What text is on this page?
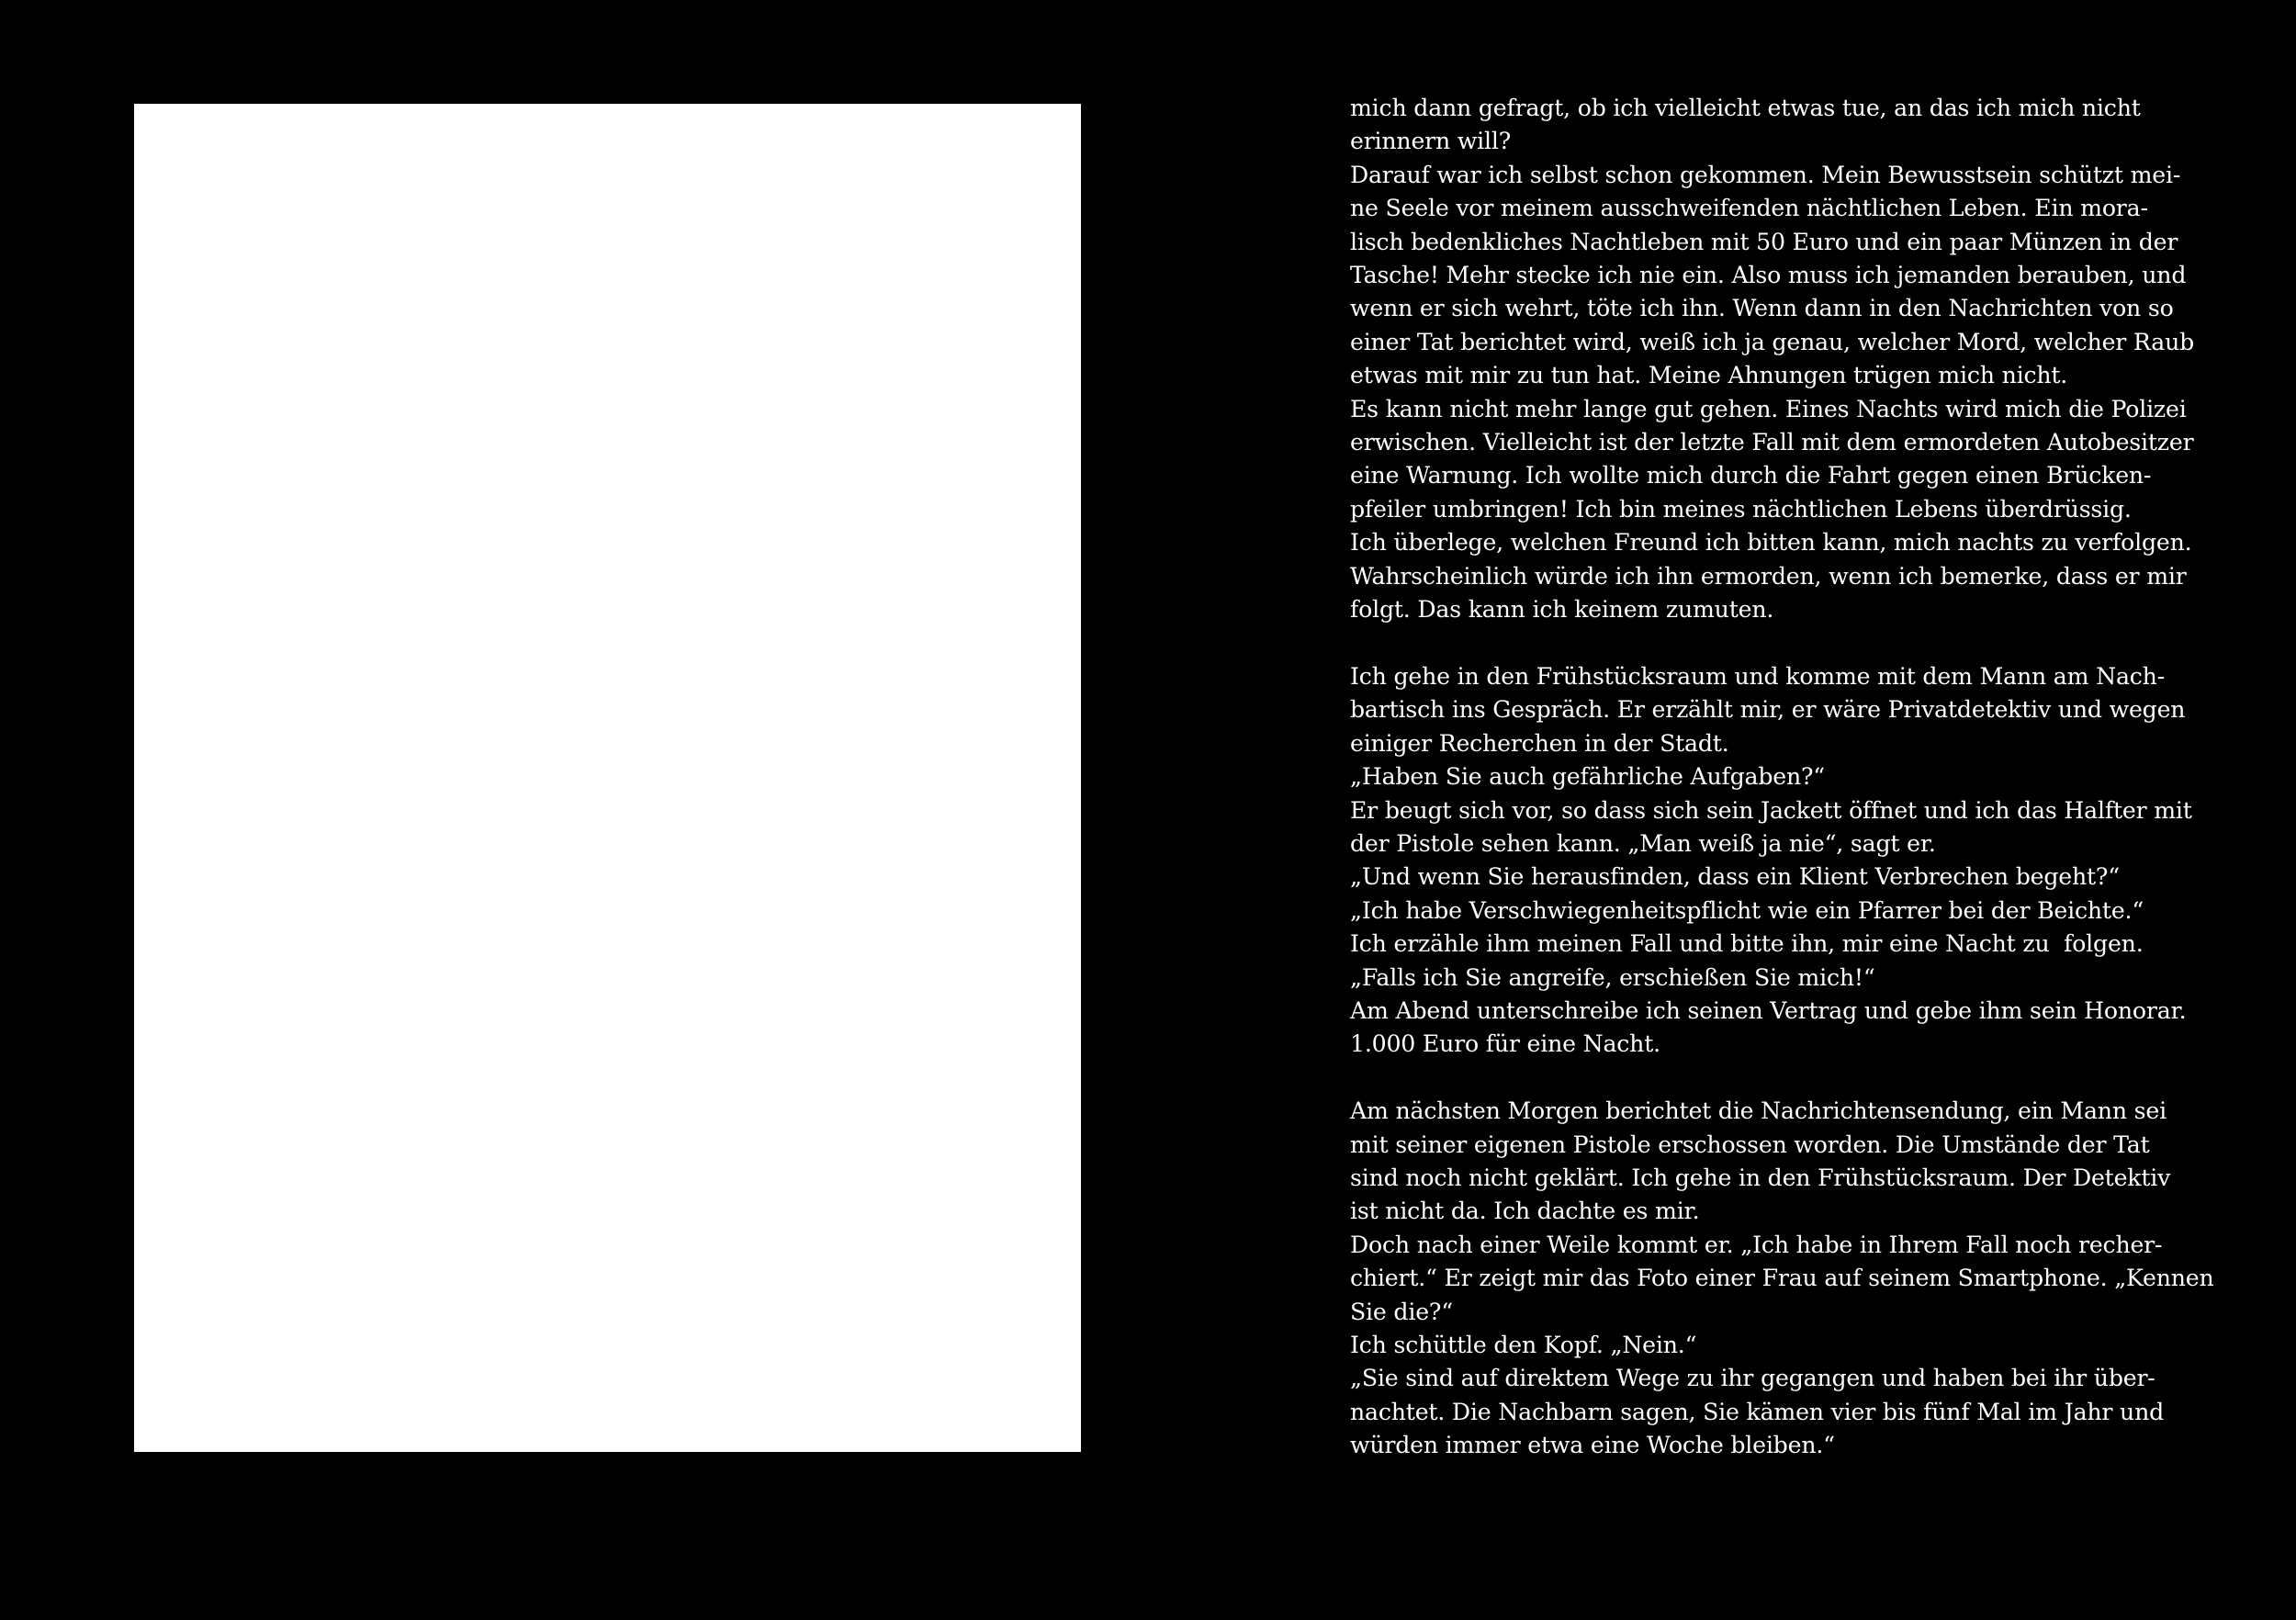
mich dann gefragt, ob ich vielleicht etwas tue, an das ich mich nicht
erinnern will?
Darauf war ich selbst schon gekommen. Mein Bewusstsein schützt mei-
ne Seele vor meinem ausschweifenden nächtlichen Leben. Ein mora-
lisch bedenkliches Nachtleben mit 50 Euro und ein paar Münzen in der
Tasche! Mehr stecke ich nie ein. Also muss ich jemanden berauben, und
wenn er sich wehrt, töte ich ihn. Wenn dann in den Nachrichten von so
einer Tat berichtet wird, weiß ich ja genau, welcher Mord, welcher Raub
etwas mit mir zu tun hat. Meine Ahnungen trügen mich nicht.
Es kann nicht mehr lange gut gehen. Eines Nachts wird mich die Polizei
erwischen. Vielleicht ist der letzte Fall mit dem ermordeten Autobesitzer
eine Warnung. Ich wollte mich durch die Fahrt gegen einen Brücken-
pfeiler umbringen! Ich bin meines nächtlichen Lebens überdrüssig.
Ich überlege, welchen Freund ich bitten kann, mich nachts zu verfolgen.
Wahrscheinlich würde ich ihn ermorden, wenn ich bemerke, dass er mir
folgt. Das kann ich keinem zumuten.
Ich gehe in den Frühstücksraum und komme mit dem Mann am Nach-
bartisch ins Gespräch. Er erzählt mir, er wäre Privatdetektiv und wegen
einiger Recherchen in der Stadt.
„Haben Sie auch gefährliche Aufgaben?“
Er beugt sich vor, so dass sich sein Jackett öffnet und ich das Halfter mit
der Pistole sehen kann. „Man weiß ja nie“, sagt er.
„Und wenn Sie herausfinden, dass ein Klient Verbrechen begeht?“
„Ich habe Verschwiegenheitspflicht wie ein Pfarrer bei der Beichte.“
Ich erzähle ihm meinen Fall und bitte ihn, mir eine Nacht zu  folgen.
„Falls ich Sie angreife, erschießen Sie mich!“
Am Abend unterschreibe ich seinen Vertrag und gebe ihm sein Honorar.
1.000 Euro für eine Nacht.
Am nächsten Morgen berichtet die Nachrichtensendung, ein Mann sei
mit seiner eigenen Pistole erschossen worden. Die Umstände der Tat
sind noch nicht geklärt. Ich gehe in den Frühstücksraum. Der Detektiv
ist nicht da. Ich dachte es mir.
Doch nach einer Weile kommt er. „Ich habe in Ihrem Fall noch recher-
chiert.“ Er zeigt mir das Foto einer Frau auf seinem Smartphone. „Kennen
Sie die?“
Ich schüttle den Kopf. „Nein.“
„Sie sind auf direktem Wege zu ihr gegangen und haben bei ihr über-
nachtet. Die Nachbarn sagen, Sie kämen vier bis fünf Mal im Jahr und
würden immer etwa eine Woche bleiben.“
